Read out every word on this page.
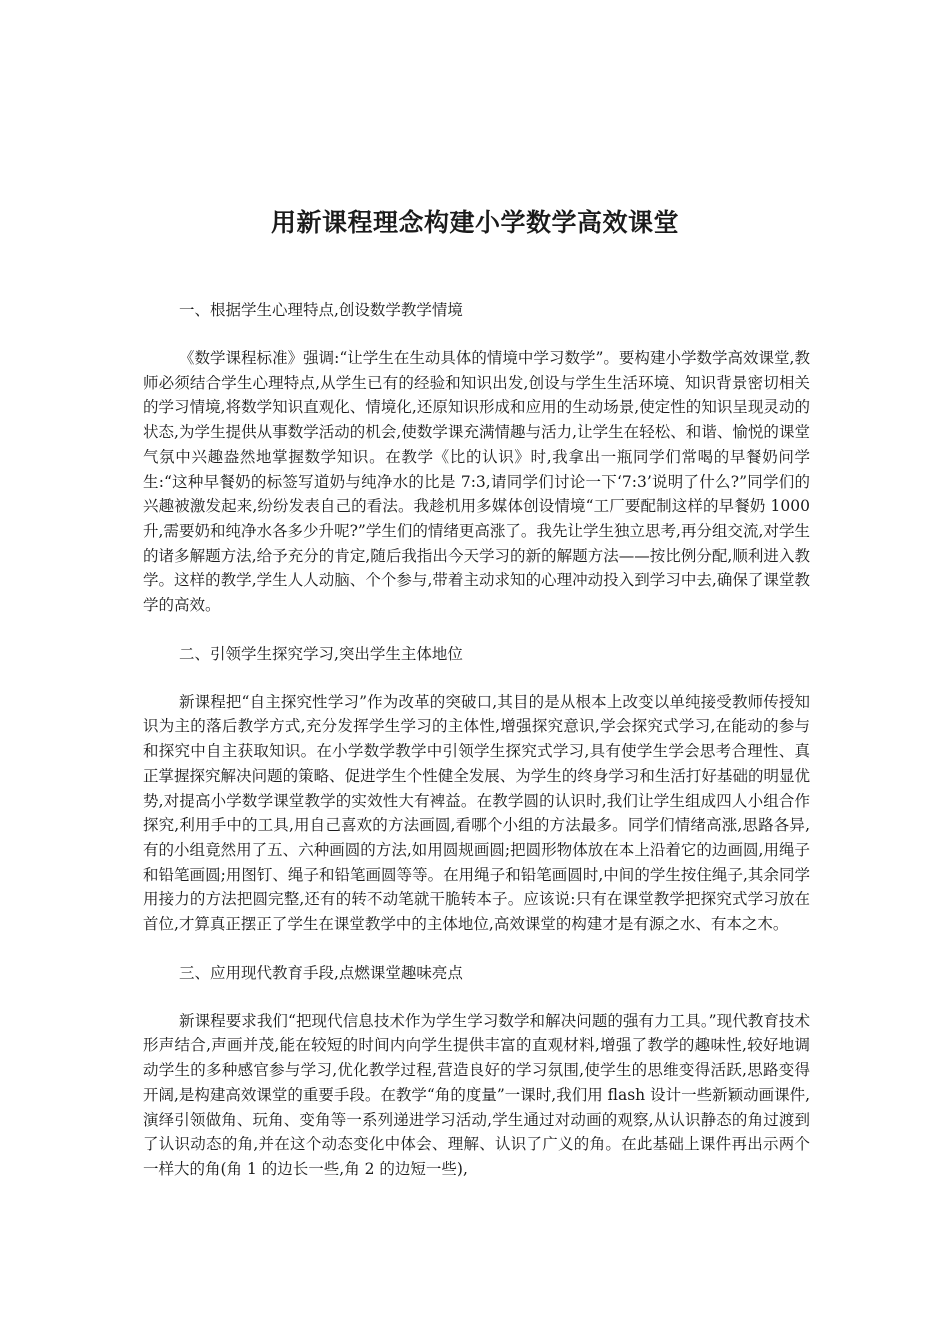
用新课程理念构建小学数学高效课堂

一、根据学生心理特点,创设数学教学情境

《数学课程标准》强调:“让学生在生动具体的情境中学习数学”。要构建小学数学高效课堂,教师必须结合学生心理特点,从学生已有的经验和知识出发,创设与学生生活环境、知识背景密切相关的学习情境,将数学知识直观化、情境化,还原知识形成和应用的生动场景,使定性的知识呈现灵动的状态,为学生提供从事数学活动的机会,使数学课充满情趣与活力,让学生在轻松、和谐、愉悦的课堂气氛中兴趣盎然地掌握数学知识。在教学《比的认识》时,我拿出一瓶同学们常喝的早餐奶问学生:“这种早餐奶的标签写道奶与纯净水的比是 7:3,请同学们讨论一下‘7:3’说明了什么?”同学们的兴趣被激发起来,纷纷发表自己的看法。我趁机用多媒体创设情境“工厂要配制这样的早餐奶 1000 升,需要奶和纯净水各多少升呢?”学生们的情绪更高涨了。我先让学生独立思考,再分组交流,对学生的诸多解题方法,给予充分的肯定,随后我指出今天学习的新的解题方法——按比例分配,顺利进入教学。这样的教学,学生人人动脑、个个参与,带着主动求知的心理冲动投入到学习中去,确保了课堂教学的高效。

二、引领学生探究学习,突出学生主体地位

新课程把“自主探究性学习”作为改革的突破口,其目的是从根本上改变以单纯接受教师传授知识为主的落后教学方式,充分发挥学生学习的主体性,增强探究意识,学会探究式学习,在能动的参与和探究中自主获取知识。在小学数学教学中引领学生探究式学习,具有使学生学会思考合理性、真正掌握探究解决问题的策略、促进学生个性健全发展、为学生的终身学习和生活打好基础的明显优势,对提高小学数学课堂教学的实效性大有裨益。在教学圆的认识时,我们让学生组成四人小组合作探究,利用手中的工具,用自己喜欢的方法画圆,看哪个小组的方法最多。同学们情绪高涨,思路各异,有的小组竟然用了五、六种画圆的方法,如用圆规画圆;把圆形物体放在本上沿着它的边画圆,用绳子和铅笔画圆;用图钉、绳子和铅笔画圆等等。在用绳子和铅笔画圆时,中间的学生按住绳子,其余同学用接力的方法把圆完整,还有的转不动笔就干脆转本子。应该说:只有在课堂教学把探究式学习放在首位,才算真正摆正了学生在课堂教学中的主体地位,高效课堂的构建才是有源之水、有本之木。

三、应用现代教育手段,点燃课堂趣味亮点

新课程要求我们“把现代信息技术作为学生学习数学和解决问题的强有力工具。”现代教育技术形声结合,声画并茂,能在较短的时间内向学生提供丰富的直观材料,增强了教学的趣味性,较好地调动学生的多种感官参与学习,优化教学过程,营造良好的学习氛围,使学生的思维变得活跃,思路变得开阔,是构建高效课堂的重要手段。在教学“角的度量”一课时,我们用 flash 设计一些新颖动画课件,演绎引领做角、玩角、变角等一系列递进学习活动,学生通过对动画的观察,从认识静态的角过渡到了认识动态的角,并在这个动态变化中体会、理解、认识了广义的角。在此基础上课件再出示两个一样大的角(角 1 的边长一些,角 2 的边短一些),
